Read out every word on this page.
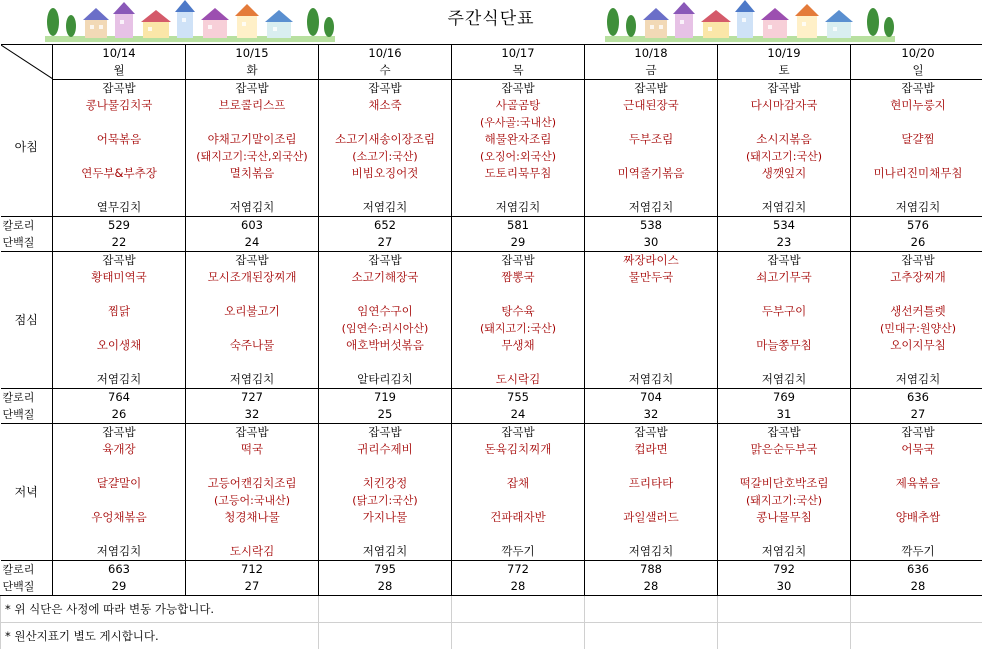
주간식단표
	10/14	10/15	10/16	10/17	10/18	10/19	10/20
	월	화	수	목	금	토	일
아침	잡곡밥	잡곡밥	잡곡밥	잡곡밥	잡곡밥	잡곡밥	잡곡밥
	콩나물김치국	브로콜리스프	채소죽	사골곰탕	근대된장국	다시마감자국	현미누룽지
				(우사골:국내산)			
	어묵볶음	야채고기말이조림	소고기새송이장조림	해물완자조림	두부조림	소시지볶음	달걀찜
		(돼지고기:국산,외국산)	(소고기:국산)	(오징어:외국산)		(돼지고기:국산)	
	연두부&부추장	멸치볶음	비빔오징어젓	도토리묵무침	미역줄기볶음	생깻잎지	미나리진미채무침

	열무김치	저염김치	저염김치	저염김치	저염김치	저염김치	저염김치
칼로리	529	603	652	581	538	534	576
단백질	22	24	27	29	30	23	26
점심	잡곡밥	잡곡밥	잡곡밥	잡곡밥	짜장라이스	잡곡밥	잡곡밥
	황태미역국	모시조개된장찌개	소고기해장국	짬뽕국	물만두국	쇠고기무국	고추장찌개

	찜닭	오리불고기	임연수구이	탕수육		두부구이	생선커틀렛
			(임연수:러시아산)	(돼지고기:국산)			(민대구:원양산)
	오이생채	숙주나물	애호박버섯볶음	무생채		마늘쫑무침	오이지무침

	저염김치	저염김치	알타리김치	도시락김	저염김치	저염김치	저염김치
칼로리	764	727	719	755	704	769	636
단백질	26	32	25	24	32	31	27
저녁	잡곡밥	잡곡밥	잡곡밥	잡곡밥	잡곡밥	잡곡밥	잡곡밥
	육개장	떡국	귀리수제비	돈육김치찌개	컵라면	맑은순두부국	어묵국

	달걀말이	고등어캔김치조림	치킨강정	잡채	프리타타	떡갈비단호박조림	제육볶음
		(고등어:국내산)	(닭고기:국산)			(돼지고기:국산)	
	우엉채볶음	청경채나물	가지나물	건파래자반	과일샐러드	콩나물무침	양배추쌈

	저염김치	도시락김	저염김치	깍두기	저염김치	저염김치	깍두기
칼로리	663	712	795	772	788	792	636
단백질	29	27	28	28	28	30	28
* 위 식단은 사정에 따라 변동 가능합니다.							
* 원산지표기 별도 게시합니다.							
